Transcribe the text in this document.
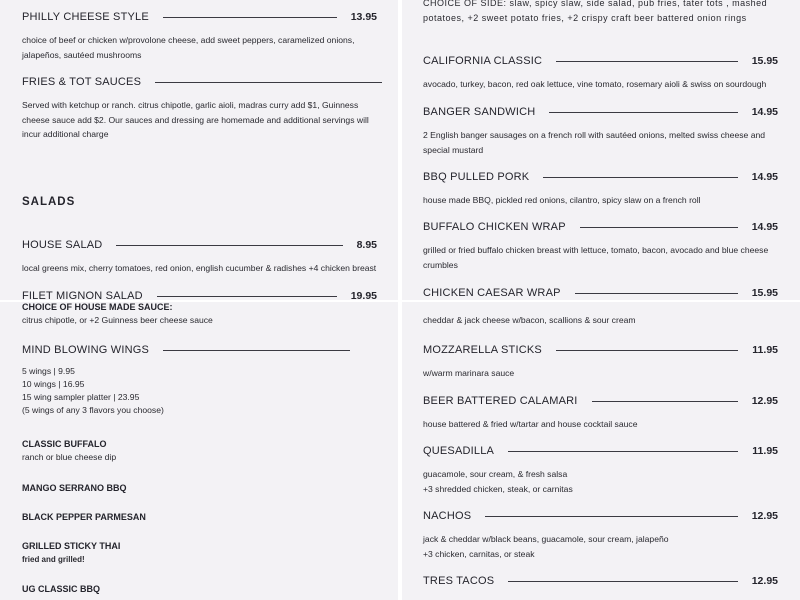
PHILLY CHEESE STYLE	13.95
choice of beef or chicken w/provolone cheese, add sweet peppers, caramelized onions, jalapeños, sautéed mushrooms
FRIES & TOT SAUCES
Served with ketchup or ranch. citrus chipotle, garlic aioli, madras curry add $1, Guinness cheese sauce add $2. Our sauces and dressing are homemade and additional servings will incur additional charge
SALADS
HOUSE SALAD	8.95
local greens mix, cherry tomatoes, red onion, english cucumber & radishes +4 chicken breast
FILET MIGNON SALAD	19.95
CHOICE OF SIDE: slaw, spicy slaw, side salad, pub fries, tater tots , mashed potatoes, +2 sweet potato fries, +2 crispy craft beer battered onion rings
CALIFORNIA CLASSIC	15.95
avocado, turkey, bacon, red oak lettuce, vine tomato, rosemary aioli & swiss on sourdough
BANGER SANDWICH	14.95
2 English banger sausages on a french roll with sautéed onions, melted swiss cheese and special mustard
BBQ PULLED PORK	14.95
house made BBQ, pickled red onions, cilantro, spicy slaw on a french roll
BUFFALO CHICKEN WRAP	14.95
grilled or fried buffalo chicken breast with lettuce, tomato, bacon, avocado and blue cheese crumbles
CHICKEN CAESAR WRAP	15.95
CHOICE OF HOUSE MADE SAUCE:
citrus chipotle, or +2 Guinness beer cheese sauce
MIND BLOWING WINGS
5 wings | 9.95
10 wings | 16.95
15 wing sampler platter | 23.95
(5 wings of any 3 flavors you choose)
CLASSIC BUFFALO
ranch or blue cheese dip
MANGO SERRANO BBQ
BLACK PEPPER PARMESAN
GRILLED STICKY THAI
fried and grilled!
UG CLASSIC BBQ
cheddar & jack cheese w/bacon, scallions & sour cream
MOZZARELLA STICKS	11.95
w/warm marinara sauce
BEER BATTERED CALAMARI	12.95
house battered & fried w/tartar and house cocktail sauce
QUESADILLA	11.95
guacamole, sour cream, & fresh salsa
+3 shredded chicken, steak, or carnitas
NACHOS	12.95
jack & cheddar w/black beans, guacamole, sour cream, jalapeño
+3 chicken, carnitas, or steak
TRES TACOS	12.95
